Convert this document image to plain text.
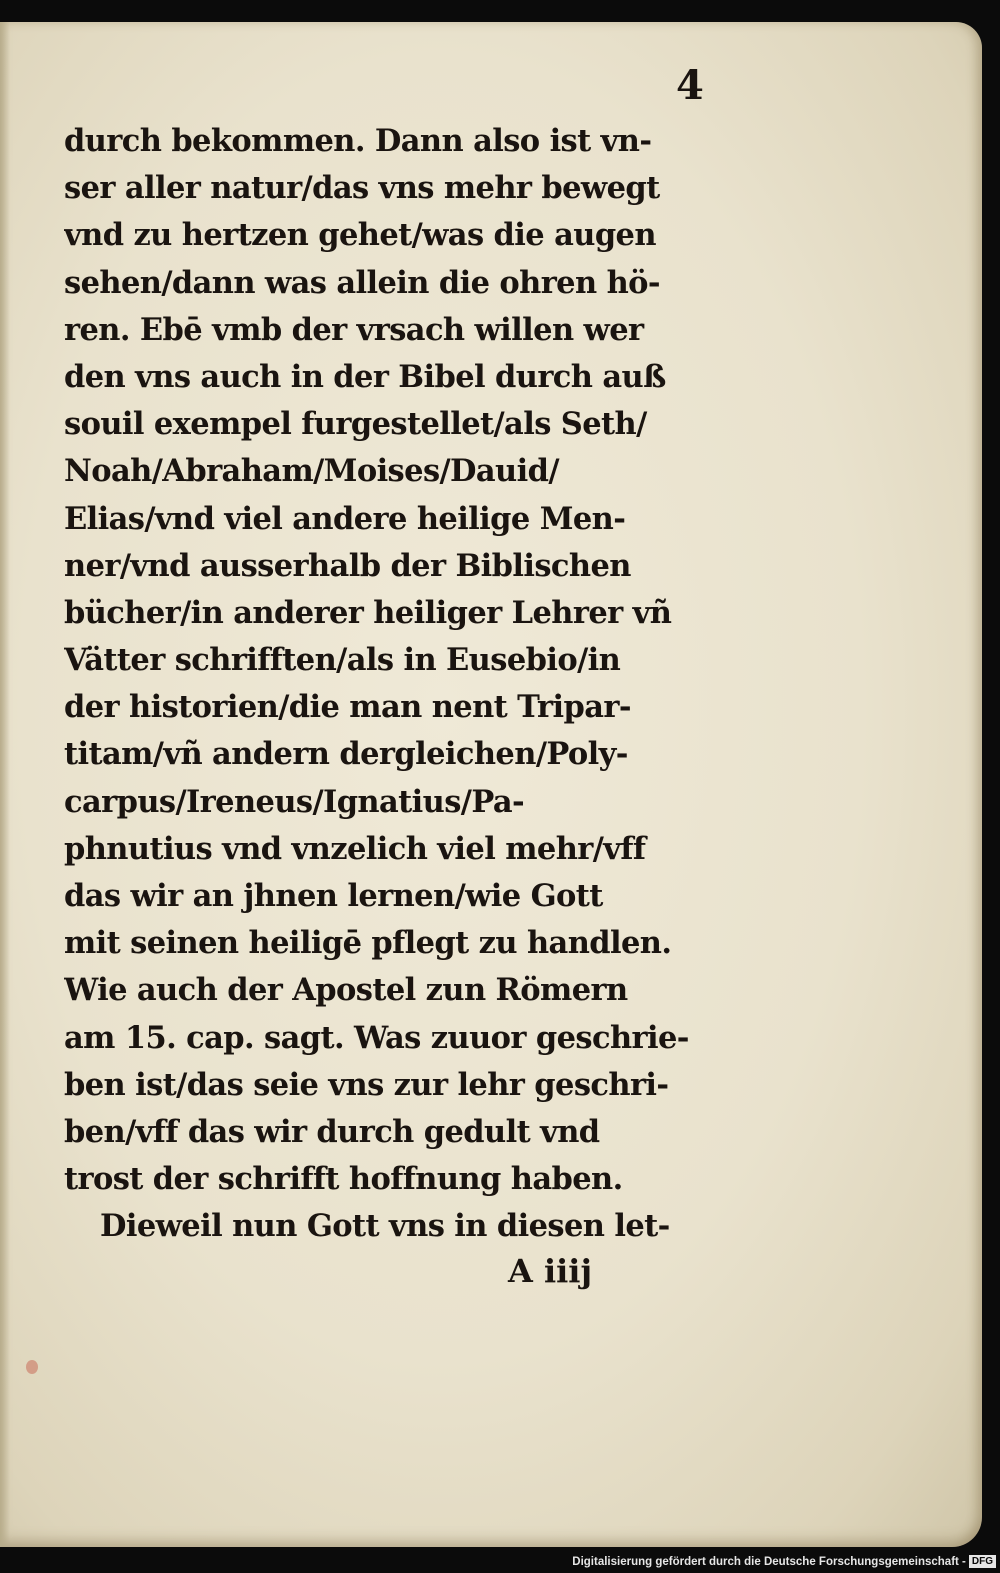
4

durch bekommen. Dann also ist vn-
ser aller natur/das vns mehr bewegt
vnd zu hertzen gehet/was die augen
sehen/dann was allein die ohren hö-
ren. Ebē vmb der vrsach willen wer
den vns auch in der Bibel durch auß
souil exempel furgestellet/als Seth/
Noah/Abraham/Moises/Dauid/
Elias/vnd viel andere heilige Men-
ner/vnd ausserhalb der Biblischen
bücher/in anderer heiliger Lehrer vñ
Vätter schrifften/als in Eusebio/in
der historien/die man nent Tripar-
titam/vñ andern dergleichen/Poly-
carpus/Ireneus/Ignatius/Pa-
phnutius vnd vnzelich viel mehr/vff
das wir an jhnen lernen/wie Gott
mit seinen heiligē pflegt zu handlen.
Wie auch der Apostel zun Römern
am 15. cap. sagt. Was zuuor geschrie-
ben ist/das seie vns zur lehr geschri-
ben/vff das wir durch gedult vnd
trost der schrifft hoffnung haben.
Dieweil nun Gott vns in diesen let-

A iiij

Digitalisierung gefördert durch die Deutsche Forschungsgemeinschaft - DFG
